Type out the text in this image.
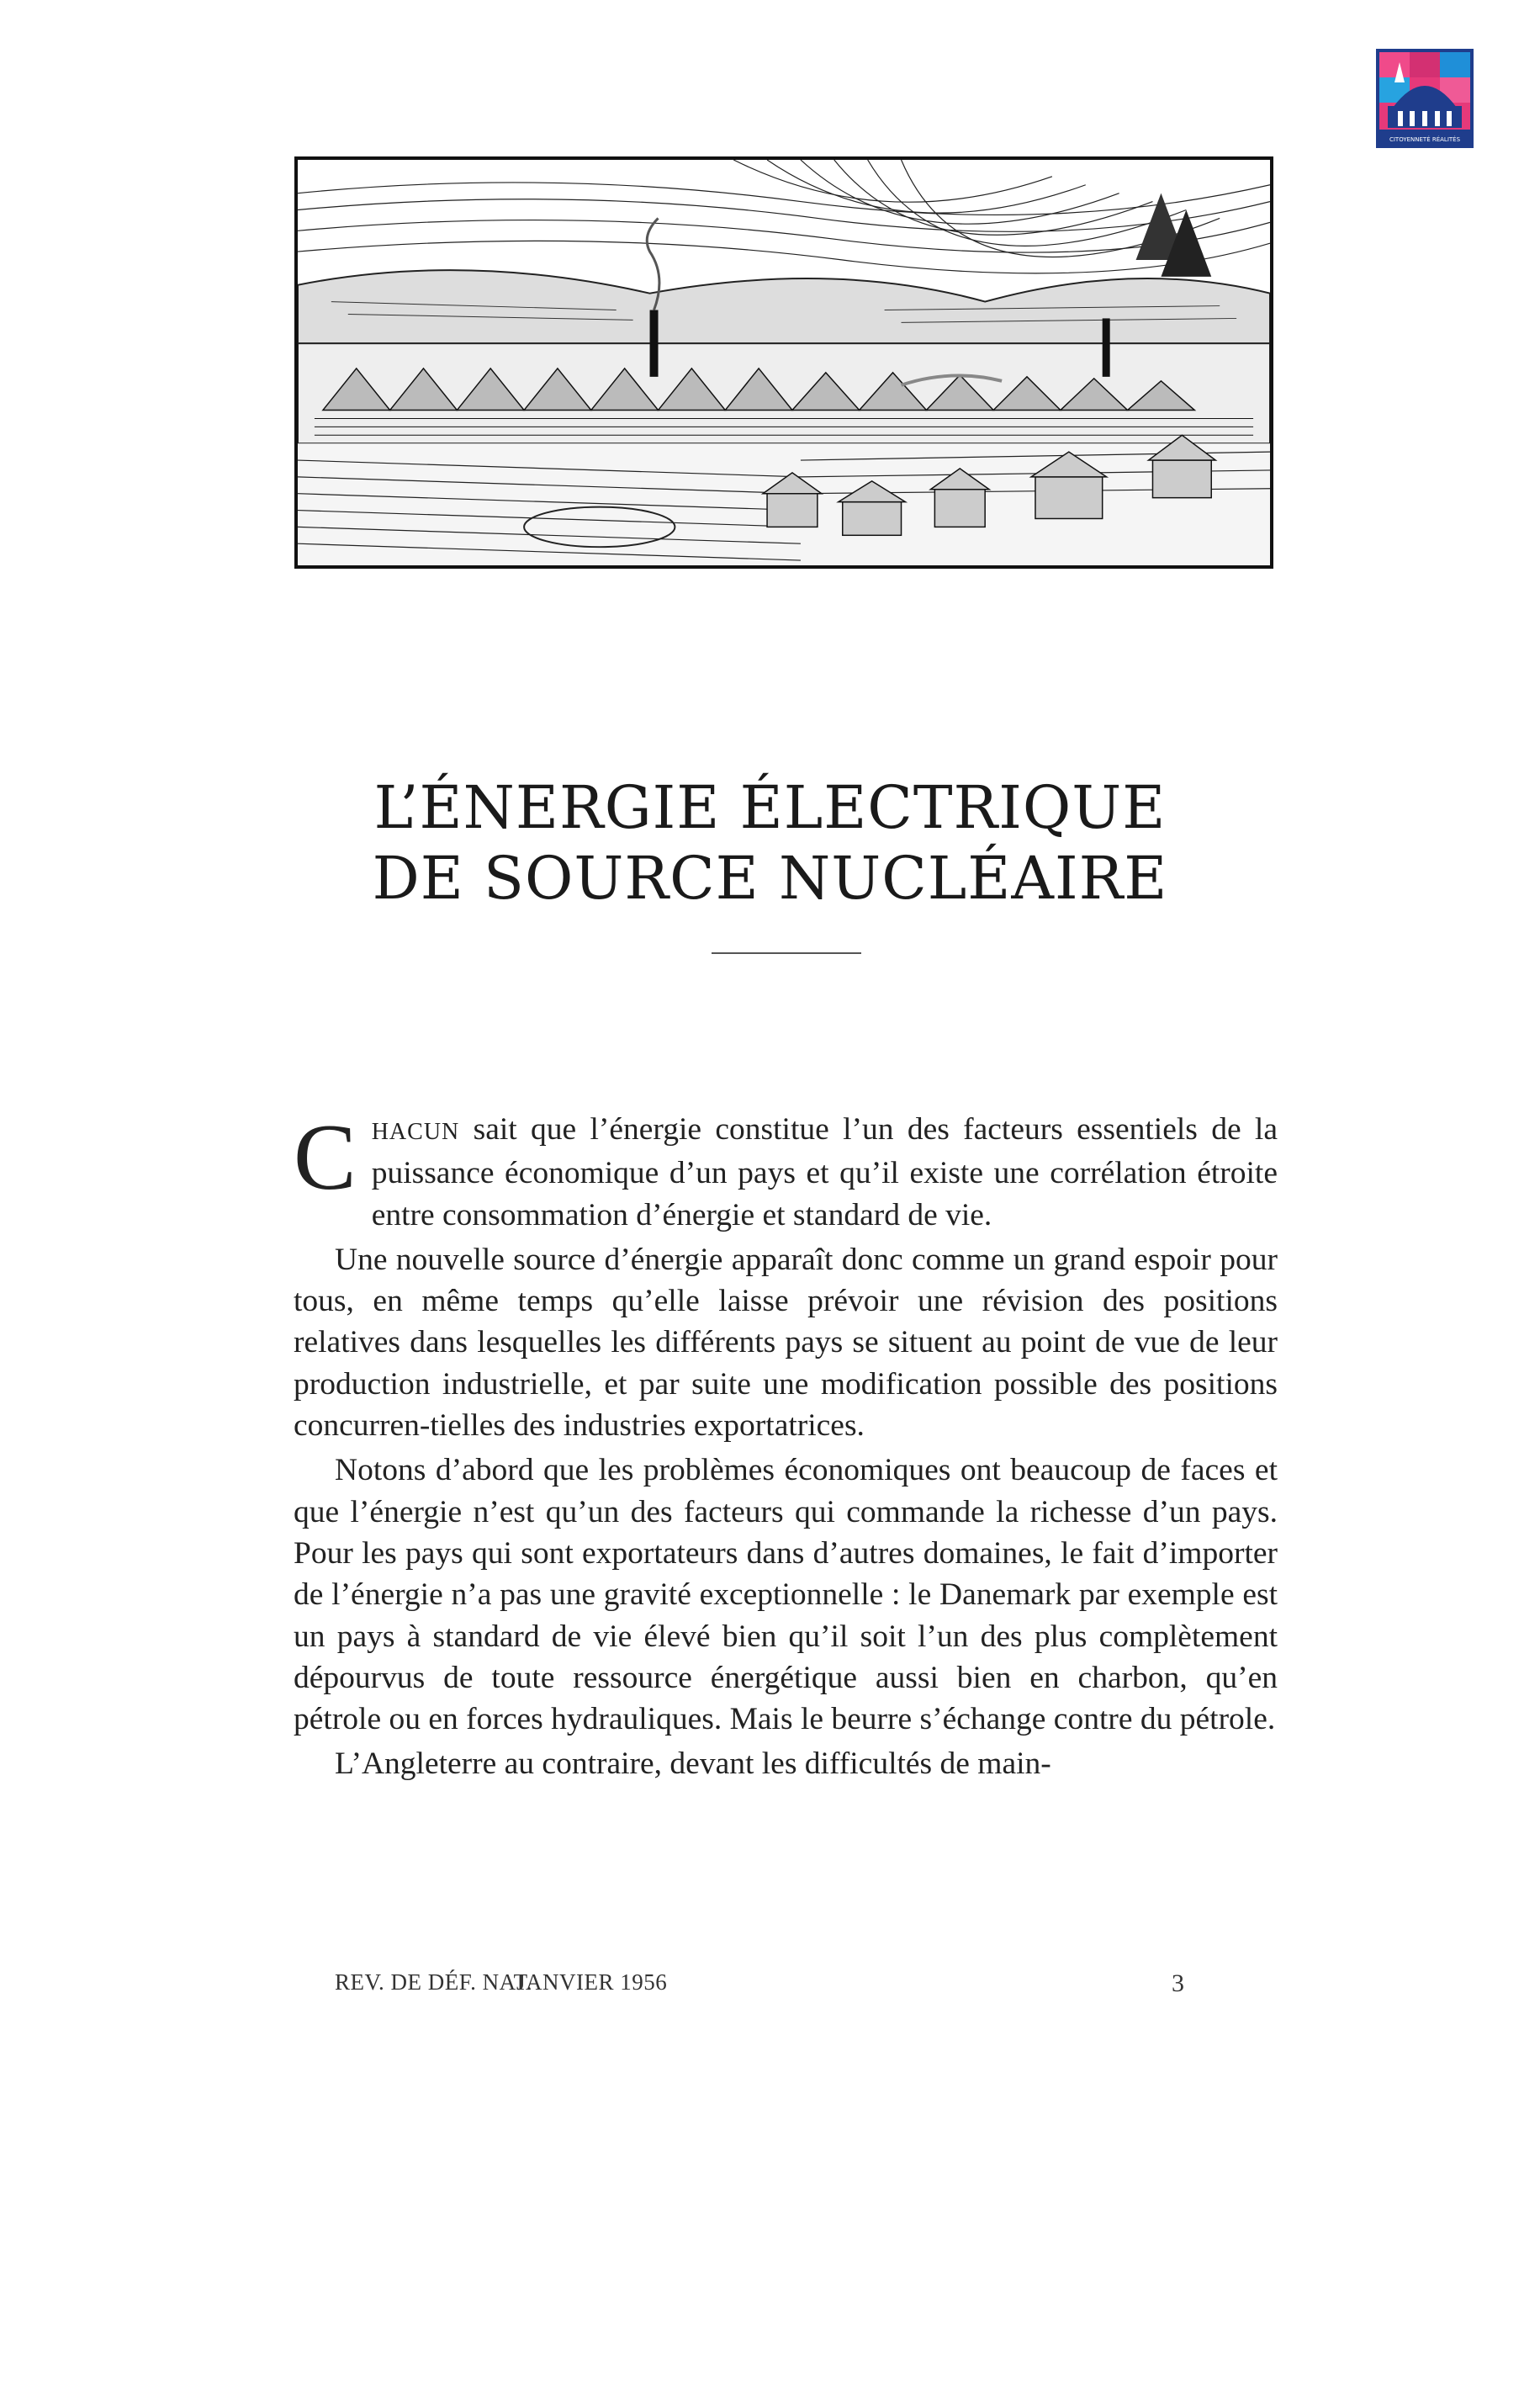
CITOYENNETÉ RÉALITÉS
L’ÉNERGIE ÉLECTRIQUE
DE SOURCE NUCLÉAIRE

CHACUN sait que l’énergie constitue l’un des facteurs essentiels de la puissance économique d’un pays et qu’il existe une corrélation étroite entre consommation d’énergie et standard de vie.

Une nouvelle source d’énergie apparaît donc comme un grand espoir pour tous, en même temps qu’elle laisse prévoir une révision des positions relatives dans lesquelles les différents pays se situent au point de vue de leur production industrielle, et par suite une modification possible des positions concurren-tielles des industries exportatrices.

Notons d’abord que les problèmes économiques ont beaucoup de faces et que l’énergie n’est qu’un des facteurs qui commande la richesse d’un pays. Pour les pays qui sont exportateurs dans d’autres domaines, le fait d’importer de l’énergie n’a pas une gravité exceptionnelle : le Danemark par exemple est un pays à standard de vie élevé bien qu’il soit l’un des plus complètement dépourvus de toute ressource énergétique aussi bien en charbon, qu’en pétrole ou en forces hydrauliques. Mais le beurre s’échange contre du pétrole.

L’Angleterre au contraire, devant les difficultés de main-

REV. DE DÉF. NAT.
JANVIER 1956	3
